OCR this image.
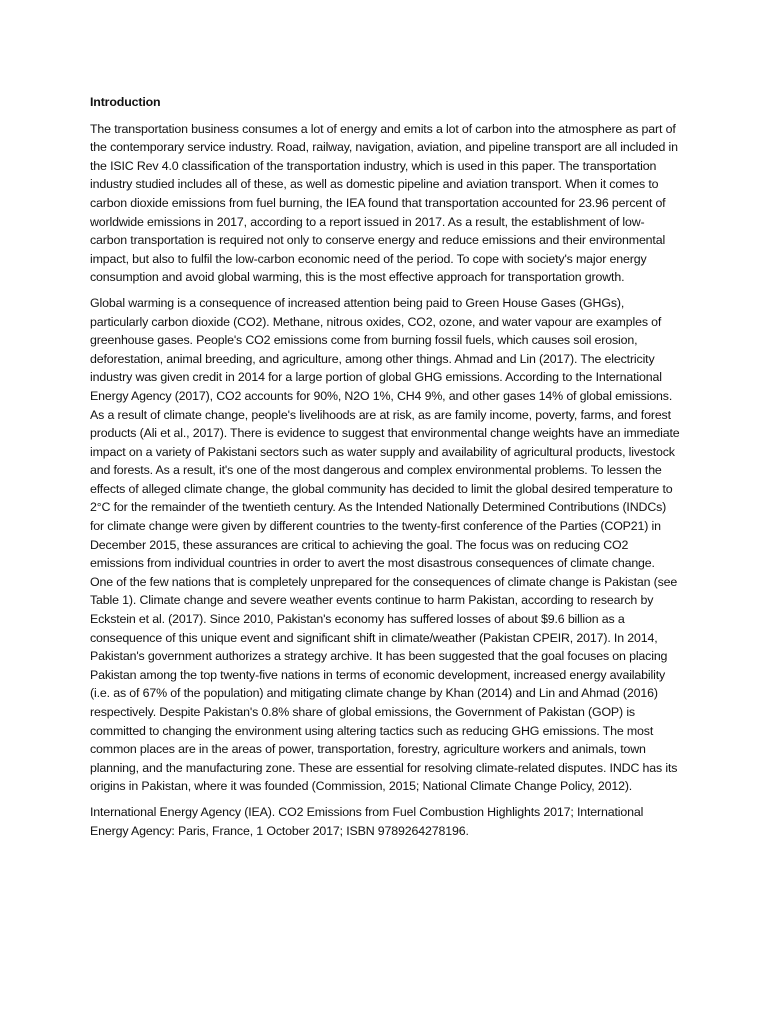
Introduction

The transportation business consumes a lot of energy and emits a lot of carbon into the atmosphere as part of the contemporary service industry. Road, railway, navigation, aviation, and pipeline transport are all included in the ISIC Rev 4.0 classification of the transportation industry, which is used in this paper. The transportation industry studied includes all of these, as well as domestic pipeline and aviation transport. When it comes to carbon dioxide emissions from fuel burning, the IEA found that transportation accounted for 23.96 percent of worldwide emissions in 2017, according to a report issued in 2017. As a result, the establishment of low-carbon transportation is required not only to conserve energy and reduce emissions and their environmental impact, but also to fulfil the low-carbon economic need of the period. To cope with society's major energy consumption and avoid global warming, this is the most effective approach for transportation growth.

Global warming is a consequence of increased attention being paid to Green House Gases (GHGs), particularly carbon dioxide (CO2). Methane, nitrous oxides, CO2, ozone, and water vapour are examples of greenhouse gases. People's CO2 emissions come from burning fossil fuels, which causes soil erosion, deforestation, animal breeding, and agriculture, among other things. Ahmad and Lin (2017). The electricity industry was given credit in 2014 for a large portion of global GHG emissions. According to the International Energy Agency (2017), CO2 accounts for 90%, N2O 1%, CH4 9%, and other gases 14% of global emissions. As a result of climate change, people's livelihoods are at risk, as are family income, poverty, farms, and forest products (Ali et al., 2017). There is evidence to suggest that environmental change weights have an immediate impact on a variety of Pakistani sectors such as water supply and availability of agricultural products, livestock and forests. As a result, it's one of the most dangerous and complex environmental problems. To lessen the effects of alleged climate change, the global community has decided to limit the global desired temperature to 2°C for the remainder of the twentieth century. As the Intended Nationally Determined Contributions (INDCs) for climate change were given by different countries to the twenty-first conference of the Parties (COP21) in December 2015, these assurances are critical to achieving the goal. The focus was on reducing CO2 emissions from individual countries in order to avert the most disastrous consequences of climate change. One of the few nations that is completely unprepared for the consequences of climate change is Pakistan (see Table 1). Climate change and severe weather events continue to harm Pakistan, according to research by Eckstein et al. (2017). Since 2010, Pakistan's economy has suffered losses of about $9.6 billion as a consequence of this unique event and significant shift in climate/weather (Pakistan CPEIR, 2017). In 2014, Pakistan's government authorizes a strategy archive. It has been suggested that the goal focuses on placing Pakistan among the top twenty-five nations in terms of economic development, increased energy availability (i.e. as of 67% of the population) and mitigating climate change by Khan (2014) and Lin and Ahmad (2016) respectively. Despite Pakistan's 0.8% share of global emissions, the Government of Pakistan (GOP) is committed to changing the environment using altering tactics such as reducing GHG emissions. The most common places are in the areas of power, transportation, forestry, agriculture workers and animals, town planning, and the manufacturing zone. These are essential for resolving climate-related disputes. INDC has its origins in Pakistan, where it was founded (Commission, 2015; National Climate Change Policy, 2012).

International Energy Agency (IEA). CO2 Emissions from Fuel Combustion Highlights 2017; International Energy Agency: Paris, France, 1 October 2017; ISBN 9789264278196.
